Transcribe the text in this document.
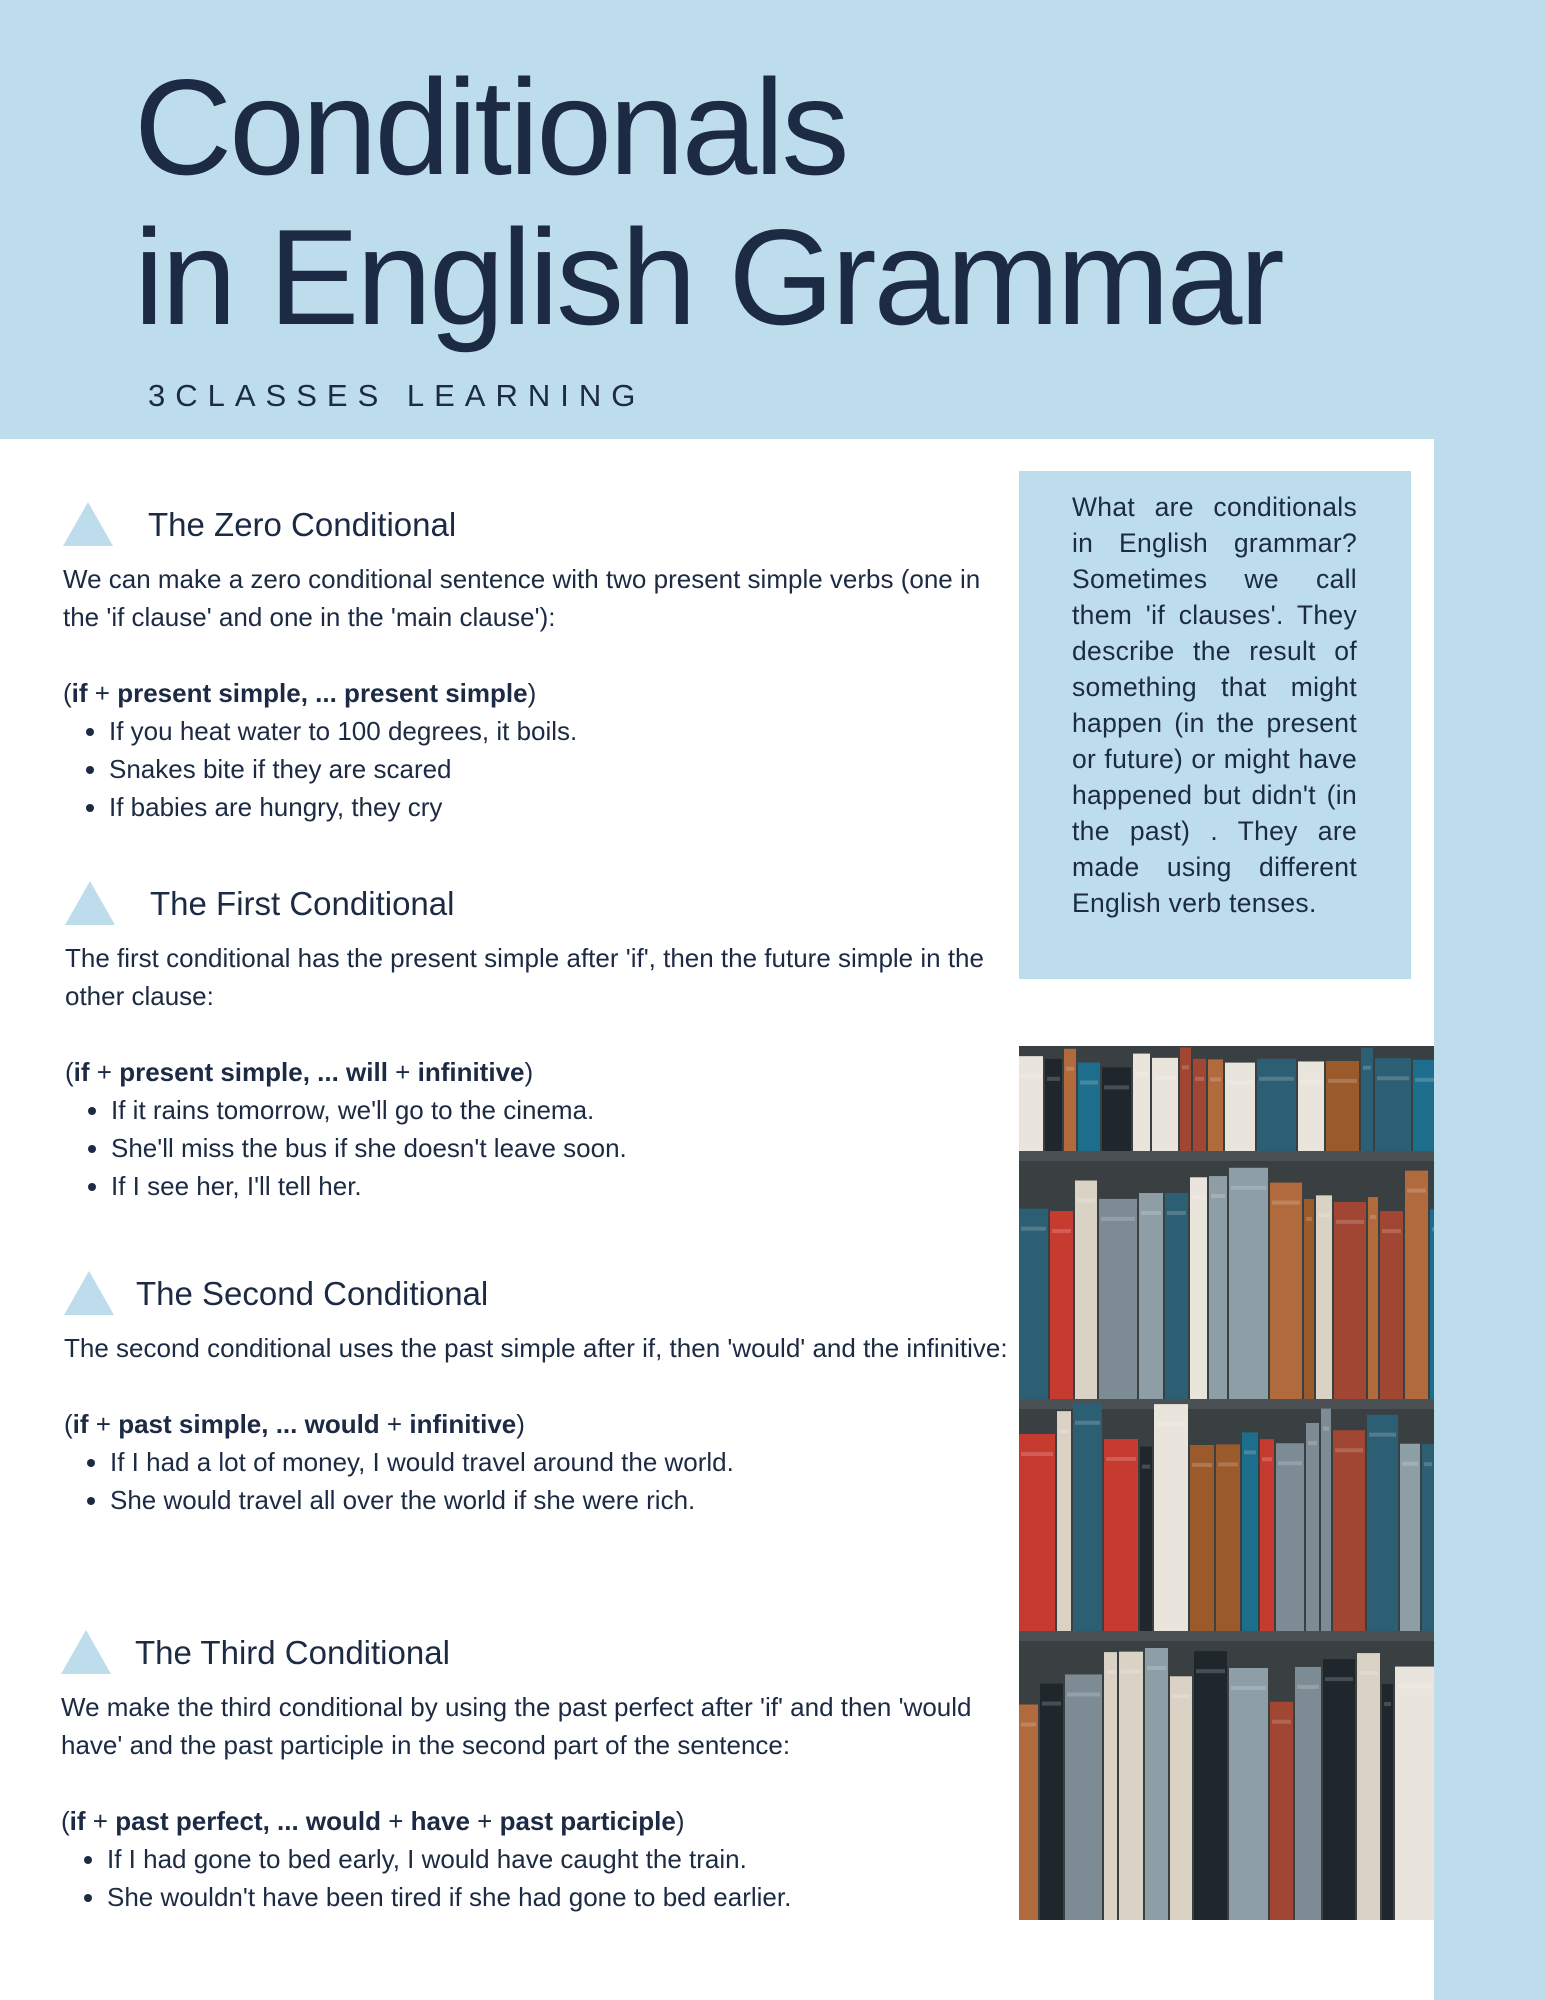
Conditionals
in English Grammar
3CLASSES LEARNING
The Zero Conditional

We can make a zero conditional sentence with two present simple verbs (one in the 'if clause' and one in the 'main clause'):

(if + present simple, ... present simple)

• If you heat water to 100 degrees, it boils.
• Snakes bite if they are scared
• If babies are hungry, they cry
The First Conditional

The first conditional has the present simple after 'if', then the future simple in the other clause:

(if + present simple, ... will + infinitive)

• If it rains tomorrow, we'll go to the cinema.
• She'll miss the bus if she doesn't leave soon.
• If I see her, I'll tell her.
The Second Conditional

The second conditional uses the past simple after if, then 'would' and the infinitive:

(if + past simple, ... would + infinitive)

• If I had a lot of money, I would travel around the world.
• She would travel all over the world if she were rich.
The Third Conditional

We make the third conditional by using the past perfect after 'if' and then 'would have' and the past participle in the second part of the sentence:

(if + past perfect, ... would + have + past participle)

• If I had gone to bed early, I would have caught the train.
• She wouldn't have been tired if she had gone to bed earlier.

What are conditionals in English grammar? Sometimes we call them 'if clauses'. They describe the result of something that might happen (in the present or future) or might have happened but didn't (in the past) . They are made using different English verb tenses.
